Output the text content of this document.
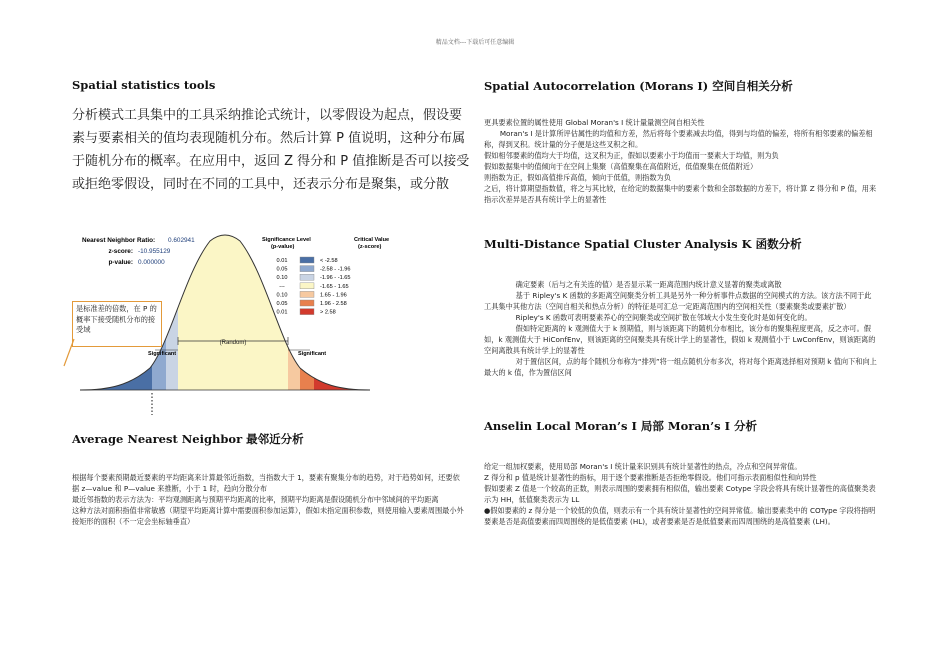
精品文档---下载后可任意编辑
Spatial statistics tools
分析模式工具集中的工具采纳推论式统计，以零假设为起点，假设要素与要素相关的值均表现随机分布。然后计算 P 值说明，这种分布属于随机分布的概率。在应用中，返回 Z 得分和 P 值推断是否可以接受或拒绝零假设，同时在不同的工具中，还表示分布是聚集，或分散
Nearest Neighbor Ratio: 0.602941
z-score: -10.955129
p-value: 0.000000
(Random)
Significant	Significant
Significance Level
(p-value)
Critical Value
(z-score)
0.01	< -2.58
0.05	-2.58 - -1.96
0.10	-1.96 - -1.65
---	-1.65 - 1.65
0.10	1.65 - 1.96
0.05	1.96 - 2.58
0.01	> 2.58
是标准差的倍数，在 P 的概率下接受随机分布的接受域
Average Nearest Neighbor 最邻近分析

根据每个要素预期最近要素的平均距离来计算最邻近指数，当指数大于 1，要素有聚集分布的趋势，对于趋势如何，还要依据 z—value 和 P—value 来推断，小于 1 时，趋向分散分布

最近邻指数的表示方法为：平均观测距离与预期平均距离的比率，预期平均距离是假设随机分布中邻域间的平均距离

这种方法对面积指值非常敏感（期望平均距离计算中需要面积参加运算），假如未指定面积参数，则使用输入要素周围最小外接矩形的面积（不一定会坐标轴垂直）

Spatial Autocorrelation (Morans I) 空间自相关分析

更具要素位置的属性使用 Global Moran's I 统计量量测空间自相关性

Moran's I 是计算所评估属性的均值和方差，然后将每个要素减去均值，得到与均值的偏差，将所有相邻要素的偏差相称，得到叉积。统计量的分子便是这些叉积之和。

假如相邻要素的值均大于均值，这叉积为正，假如以要素小于均值而一要素大于均值，则为负

假如数据集中的值倾向于在空间上集聚（高值聚集在高值附近，低值聚集在低值附近）

则指数为正，假如高值排斥高值，倾向于低值，则指数为负

之后，将计算期望指数值，将之与其比较，在给定的数据集中的要素个数和全部数据的方差下，将计算 Z 得分和 P 值，用来指示次差异是否具有统计学上的显著性

Multi-Distance Spatial Cluster Analysis K 函数分析

确定要素（后与之有关连的值）是否显示某一距离范围内统计意义显著的聚类或离散

基于 Ripley's K 函数的多距离空间聚类分析工具是另外一种分析事件点数据的空间模式的方法。该方法不同于此工具集中其他方法（空间自相关和热点分析）的特征是可汇总一定距离范围内的空间相关性（要素聚类或要素扩散）

Ripley's K 函数可表明要素养心的空间聚类或空间扩散在邻域大小发生变化时是如何变化的。

假如特定距离的 k 观测值大于 k 预期值，则与该距离下的随机分布相比，该分布的聚集程度更高，反之亦可。假如，k 观测值大于 HiConfEnv，则该距离的空间聚类具有统计学上的显著性，假如 k 观测值小于 LwConfEnv，则该距离的空间离散具有统计学上的显著性

对于置信区间，点的每个随机分布称为“排列”将一组点随机分布多次，将对每个距离选择相对预期 k 值向下和向上最大的 k 值，作为置信区间

Anselin Local Moran’s I 局部 Moran’s I 分析

给定一组加权要素，使用局部 Moran's I 统计量来识别具有统计显著性的热点，冷点和空间异常值。

Z 得分和 p 值是统计显著性的指标，用于逐个要素推断是否拒绝零假设。他们可指示表面相似性和向异性

假如要素 Z 值是一个较高的正数，则表示周围的要素拥有相似值，输出要素 Cotype 字段会将具有统计显著性的高值聚类表示为 HH，低值聚类表示为 LL

●假如要素的 z 得分是一个较低的负值，则表示有一个具有统计显著性的空间异常值。输出要素类中的 COType 字段将指明要素是否是高值要素而四周围绕的是低值要素 (HL)，或者要素是否是低值要素而四周围绕的是高值要素 (LH)。
